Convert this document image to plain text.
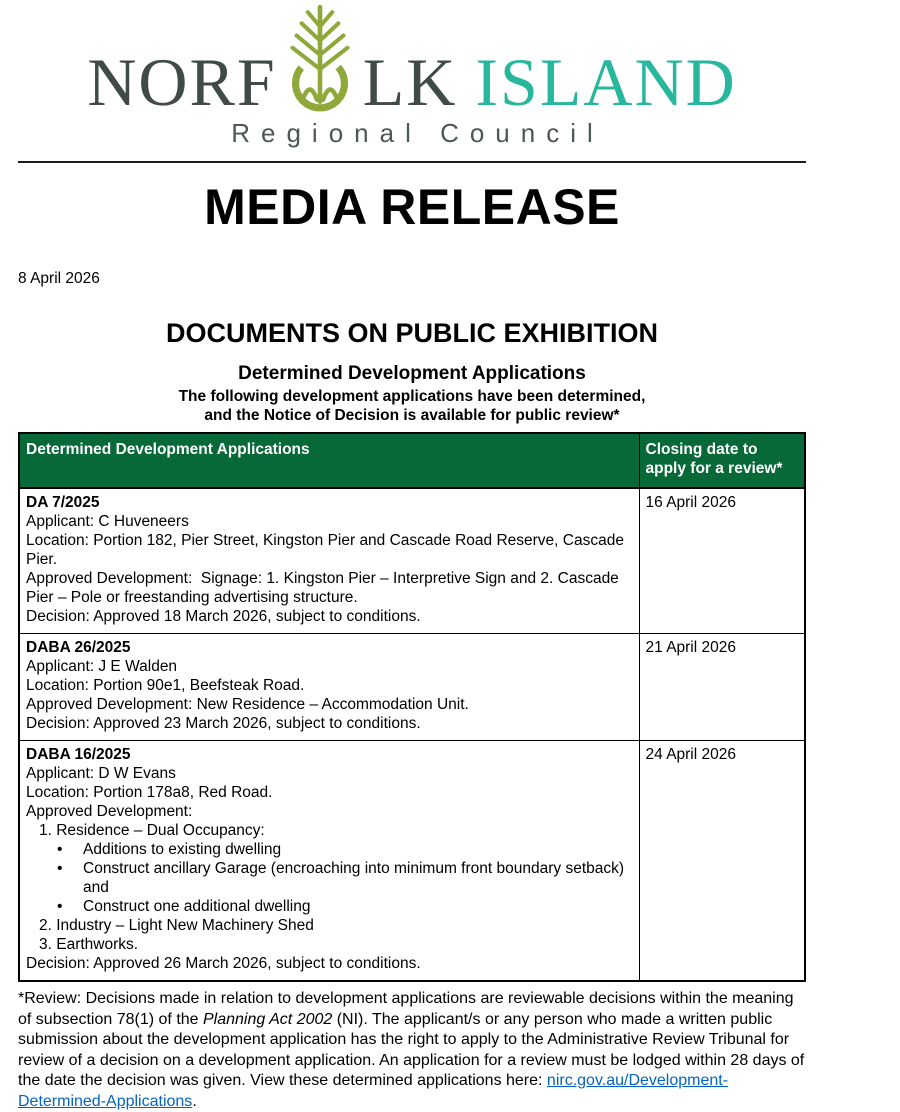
NORF LK ISLAND
Regional Council
MEDIA RELEASE
8 April 2026
DOCUMENTS ON PUBLIC EXHIBITION
Determined Development Applications

The following development applications have been determined,
and the Notice of Decision is available for public review*

Determined Development Applications	Closing date to apply for a review*

DA 7/2025
Applicant: C Huveneers
Location: Portion 182, Pier Street, Kingston Pier and Cascade Road Reserve, Cascade Pier.
Approved Development:  Signage: 1. Kingston Pier – Interpretive Sign and 2. Cascade Pier – Pole or freestanding advertising structure.
Decision: Approved 18 March 2026, subject to conditions.	16 April 2026

DABA 26/2025
Applicant: J E Walden
Location: Portion 90e1, Beefsteak Road.
Approved Development: New Residence – Accommodation Unit.
Decision: Approved 23 March 2026, subject to conditions.	21 April 2026

DABA 16/2025
Applicant: D W Evans
Location: Portion 178a8, Red Road.
Approved Development:
1. Residence – Dual Occupancy:
•
Additions to existing dwelling
•
Construct ancillary Garage (encroaching into minimum front boundary setback) and
•
Construct one additional dwelling
2. Industry – Light New Machinery Shed
3. Earthworks.
Decision: Approved 26 March 2026, subject to conditions.
	24 April 2026

*Review: Decisions made in relation to development applications are reviewable decisions within the meaning of subsection 78(1) of the Planning Act 2002 (NI). The applicant/s or any person who made a written public submission about the development application has the right to apply to the Administrative Review Tribunal for review of a decision on a development application. An application for a review must be lodged within 28 days of the date the decision was given. View these determined applications here: nirc.gov.au/Development-Determined-Applications.
